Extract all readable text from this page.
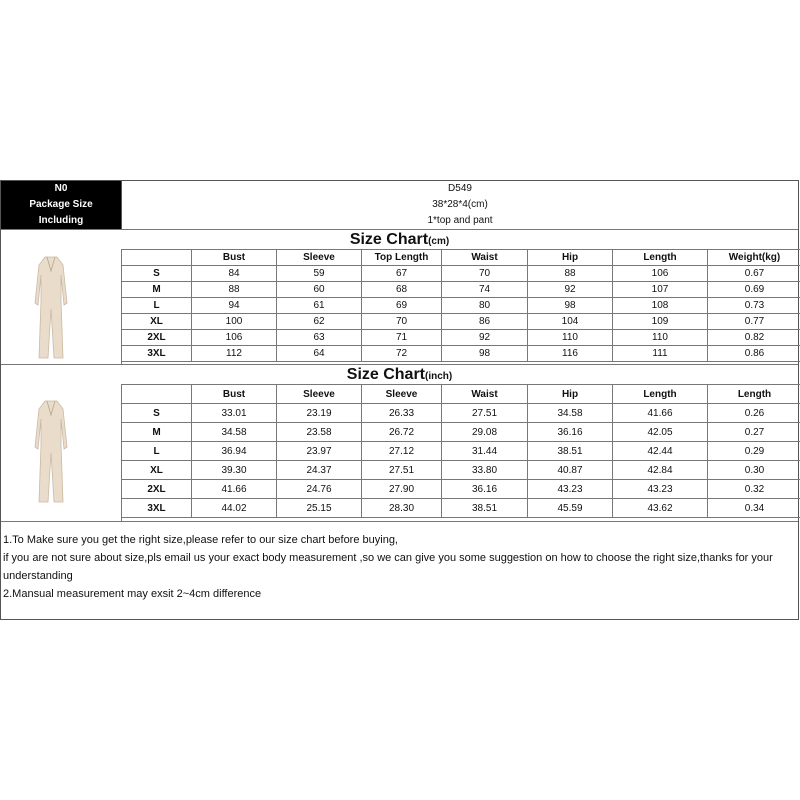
N0	D549
Package Size	38*28*4(cm)
Including	1*top and pant
Size Chart(cm)
	Bust	Sleeve	Top Length	Waist	Hip	Length	Weight(kg)
S	84	59	67	70	88	106	0.67
M	88	60	68	74	92	107	0.69
L	94	61	69	80	98	108	0.73
XL	100	62	70	86	104	109	0.77
2XL	106	63	71	92	110	110	0.82
3XL	112	64	72	98	116	111	0.86
Size Chart(inch)
	Bust	Sleeve	Sleeve	Waist	Hip	Length	Length
S	33.01	23.19	26.33	27.51	34.58	41.66	0.26
M	34.58	23.58	26.72	29.08	36.16	42.05	0.27
L	36.94	23.97	27.12	31.44	38.51	42.44	0.29
XL	39.30	24.37	27.51	33.80	40.87	42.84	0.30
2XL	41.66	24.76	27.90	36.16	43.23	43.23	0.32
3XL	44.02	25.15	28.30	38.51	45.59	43.62	0.34
1.To Make sure you get the right size,please refer to our size chart before buying,
if you are not sure about size,pls email us your exact body measurement ,so we can give you some suggestion on how to choose the right size,thanks for your understanding
2.Mansual measurement may exsit 2~4cm difference
